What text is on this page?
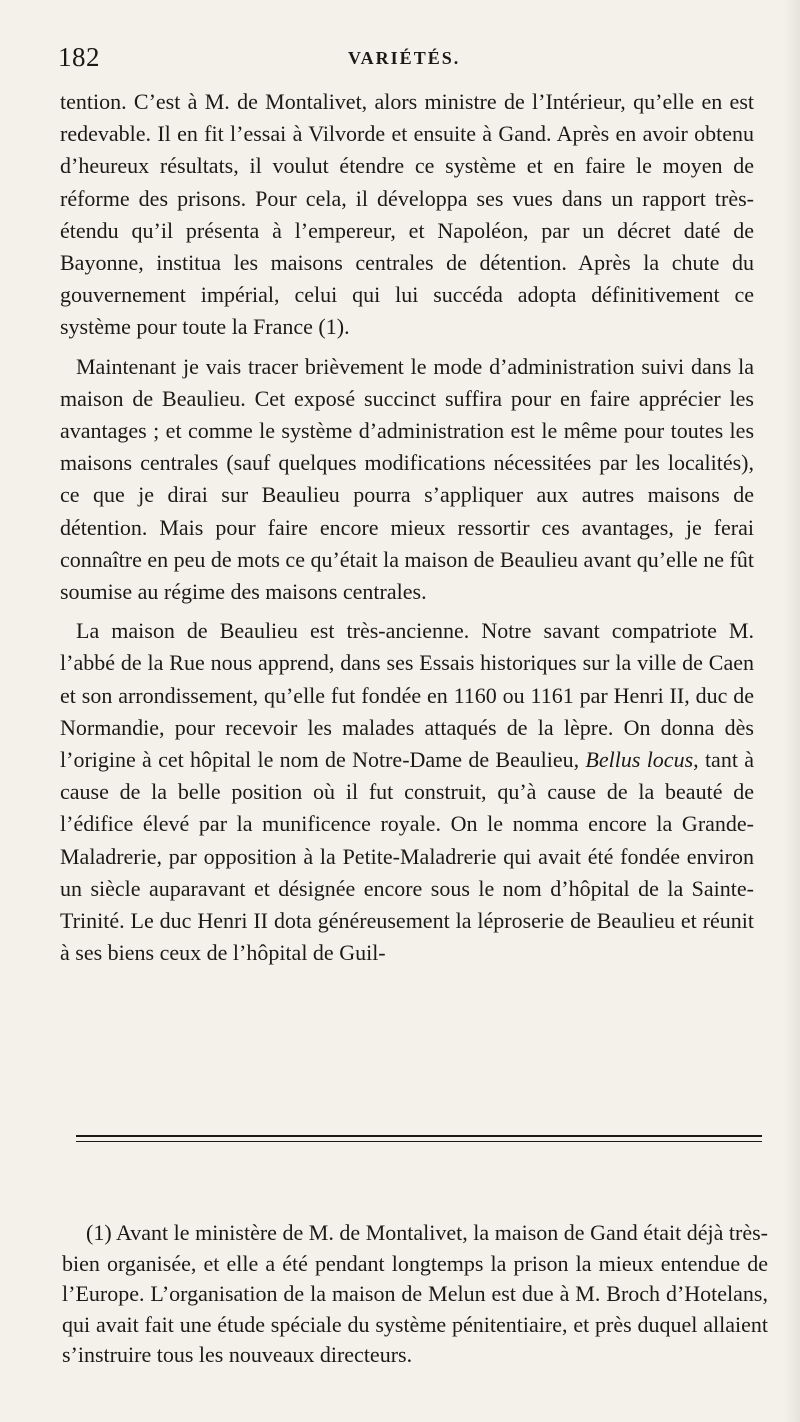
182	VARIÉTÉS.

tention. C’est à M. de Montalivet, alors ministre de l’Intérieur, qu’elle en est redevable. Il en fit l’essai à Vilvorde et ensuite à Gand. Après en avoir obtenu d’heureux résultats, il voulut étendre ce système et en faire le moyen de réforme des prisons. Pour cela, il développa ses vues dans un rapport très-étendu qu’il présenta à l’empereur, et Napoléon, par un décret daté de Bayonne, institua les maisons centrales de détention. Après la chute du gouvernement impérial, celui qui lui succéda adopta définitivement ce système pour toute la France (1).

Maintenant je vais tracer brièvement le mode d’administration suivi dans la maison de Beaulieu. Cet exposé succinct suffira pour en faire apprécier les avantages ; et comme le système d’administration est le même pour toutes les maisons centrales (sauf quelques modifications nécessitées par les localités), ce que je dirai sur Beaulieu pourra s’appliquer aux autres maisons de détention. Mais pour faire encore mieux ressortir ces avantages, je ferai connaître en peu de mots ce qu’était la maison de Beaulieu avant qu’elle ne fût soumise au régime des maisons centrales.

La maison de Beaulieu est très-ancienne. Notre savant compatriote M. l’abbé de la Rue nous apprend, dans ses Essais historiques sur la ville de Caen et son arrondissement, qu’elle fut fondée en 1160 ou 1161 par Henri II, duc de Normandie, pour recevoir les malades attaqués de la lèpre. On donna dès l’origine à cet hôpital le nom de Notre-Dame de Beaulieu, Bellus locus, tant à cause de la belle position où il fut construit, qu’à cause de la beauté de l’édifice élevé par la munificence royale. On le nomma encore la Grande-Maladrerie, par opposition à la Petite-Maladrerie qui avait été fondée environ un siècle auparavant et désignée encore sous le nom d’hôpital de la Sainte-Trinité. Le duc Henri II dota généreusement la léproserie de Beaulieu et réunit à ses biens ceux de l’hôpital de Guil-

(1) Avant le ministère de M. de Montalivet, la maison de Gand était déjà très-bien organisée, et elle a été pendant longtemps la prison la mieux entendue de l’Europe. L’organisation de la maison de Melun est due à M. Broch d’Hotelans, qui avait fait une étude spéciale du système pénitentiaire, et près duquel allaient s’instruire tous les nouveaux directeurs.
